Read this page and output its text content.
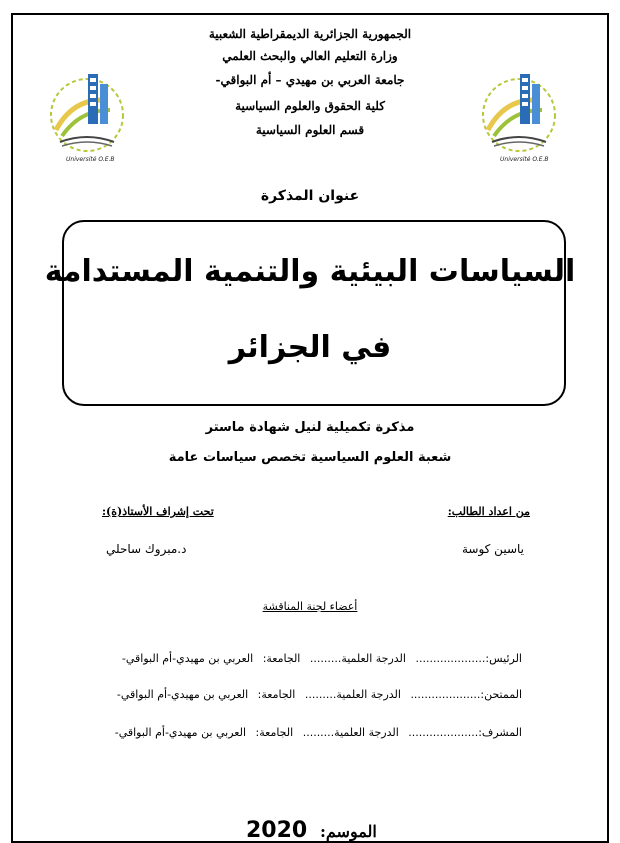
الجمهورية الجزائرية الديمقراطية الشعبية
وزارة التعليم العالي والبحث العلمي
جامعة العربي بن مهيدي – أم البواقي-
كلية الحقوق والعلوم السياسية
قسم العلوم السياسية
Université O.E.B	Université O.E.B
عنوان المذكرة
السياسات البيئية والتنمية المستدامة
في الجزائر
مذكرة تكميلية لنيل شهادة ماستر
شعبة العلوم السياسية تخصص سياسات عامة
من اعداد الطالب:
تحت إشراف الأستاذ(ة):
ياسين كوسة
د.مبروك ساحلي
أعضاء لجنة المناقشة
الرئيس:.................... الدرجة العلمية......... الجامعة: العربي بن مهيدي-أم البواقي-
الممتحن:.................... الدرجة العلمية......... الجامعة: العربي بن مهيدي-أم البواقي-
المشرف:.................... الدرجة العلمية......... الجامعة: العربي بن مهيدي-أم البواقي-
الموسم:
2020
